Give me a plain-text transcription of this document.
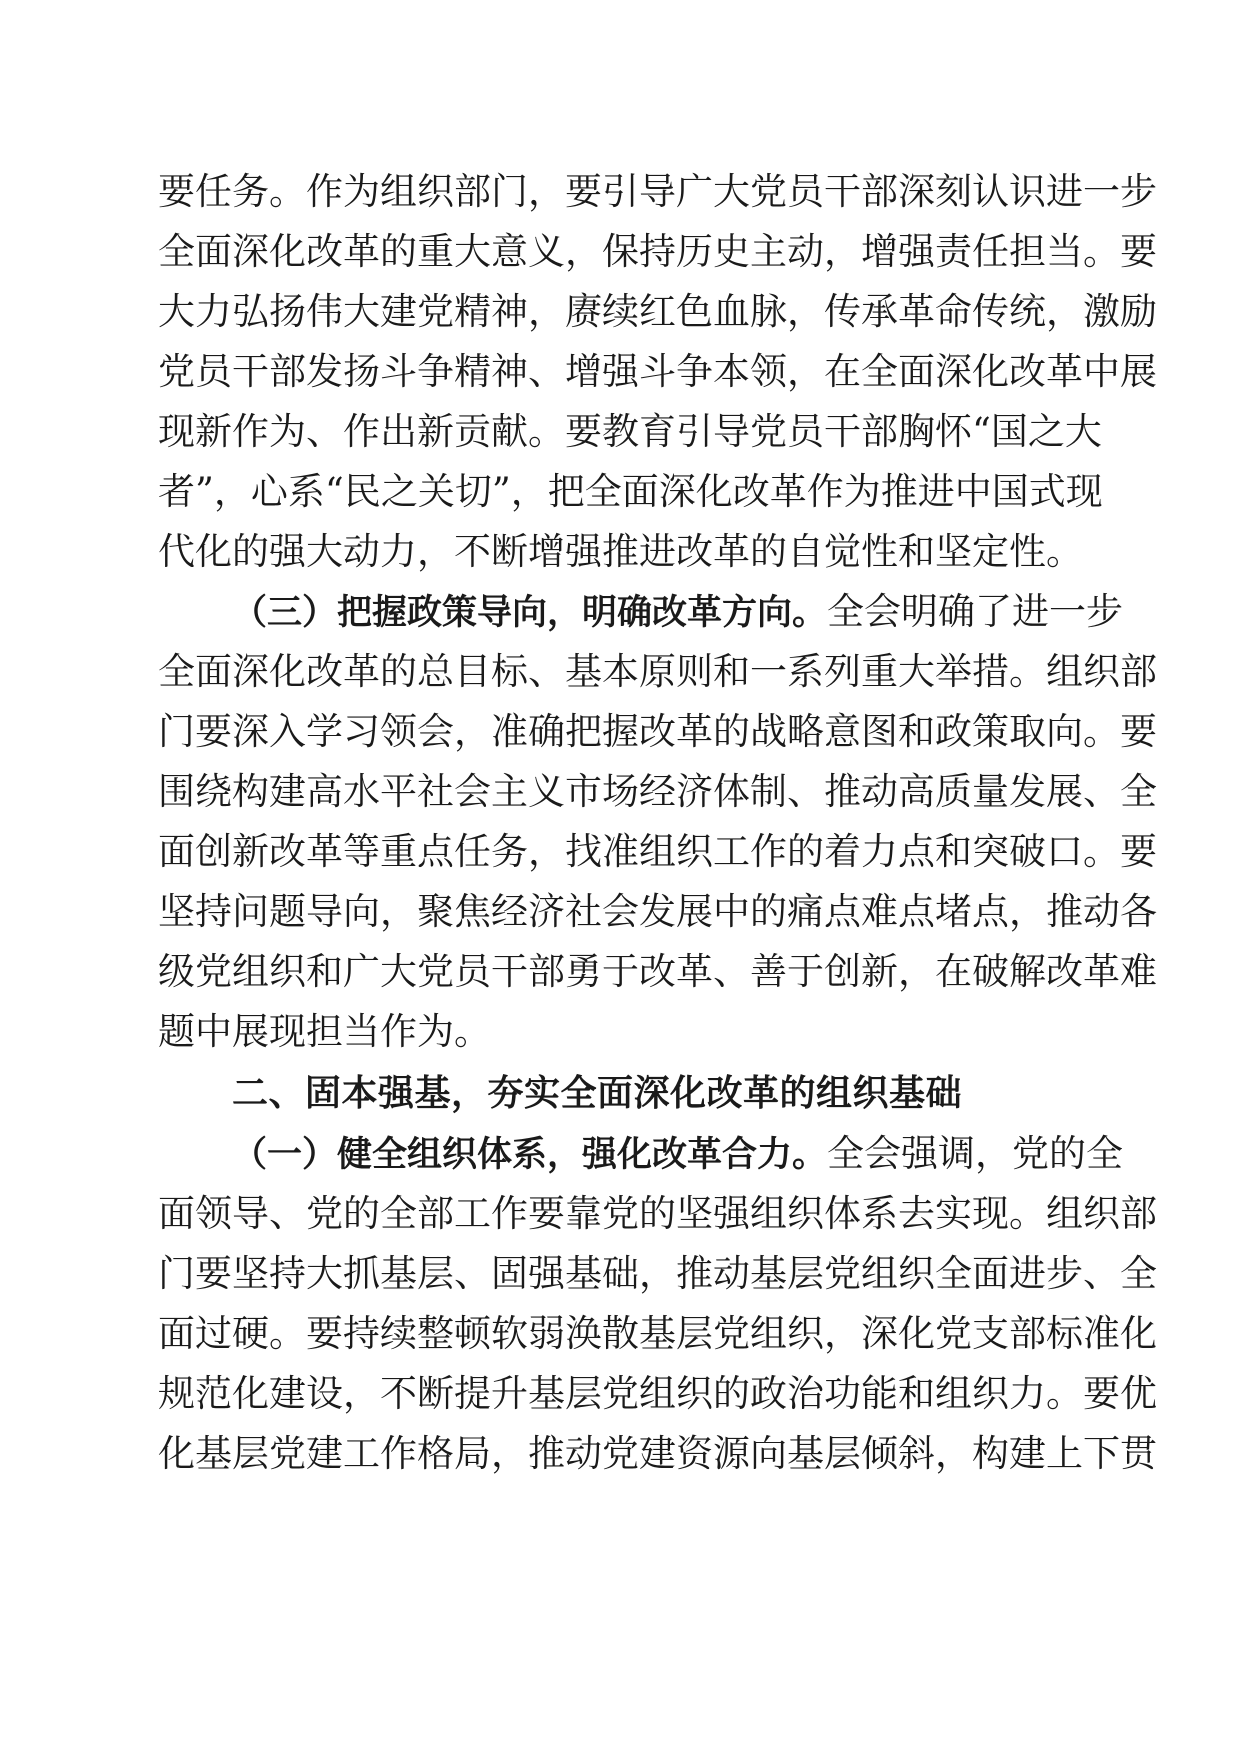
要任务。作为组织部门，要引导广大党员干部深刻认识进一步
全面深化改革的重大意义，保持历史主动，增强责任担当。要
大力弘扬伟大建党精神，赓续红色血脉，传承革命传统，激励
党员干部发扬斗争精神、增强斗争本领，在全面深化改革中展
现新作为、作出新贡献。要教育引导党员干部胸怀“国之大
者”，心系“民之关切”，把全面深化改革作为推进中国式现
代化的强大动力，不断增强推进改革的自觉性和坚定性。
（三）把握政策导向，明确改革方向。全会明确了进一步
全面深化改革的总目标、基本原则和一系列重大举措。组织部
门要深入学习领会，准确把握改革的战略意图和政策取向。要
围绕构建高水平社会主义市场经济体制、推动高质量发展、全
面创新改革等重点任务，找准组织工作的着力点和突破口。要
坚持问题导向，聚焦经济社会发展中的痛点难点堵点，推动各
级党组织和广大党员干部勇于改革、善于创新，在破解改革难
题中展现担当作为。
二、固本强基，夯实全面深化改革的组织基础
（一）健全组织体系，强化改革合力。全会强调，党的全
面领导、党的全部工作要靠党的坚强组织体系去实现。组织部
门要坚持大抓基层、固强基础，推动基层党组织全面进步、全
面过硬。要持续整顿软弱涣散基层党组织，深化党支部标准化
规范化建设，不断提升基层党组织的政治功能和组织力。要优
化基层党建工作格局，推动党建资源向基层倾斜，构建上下贯
